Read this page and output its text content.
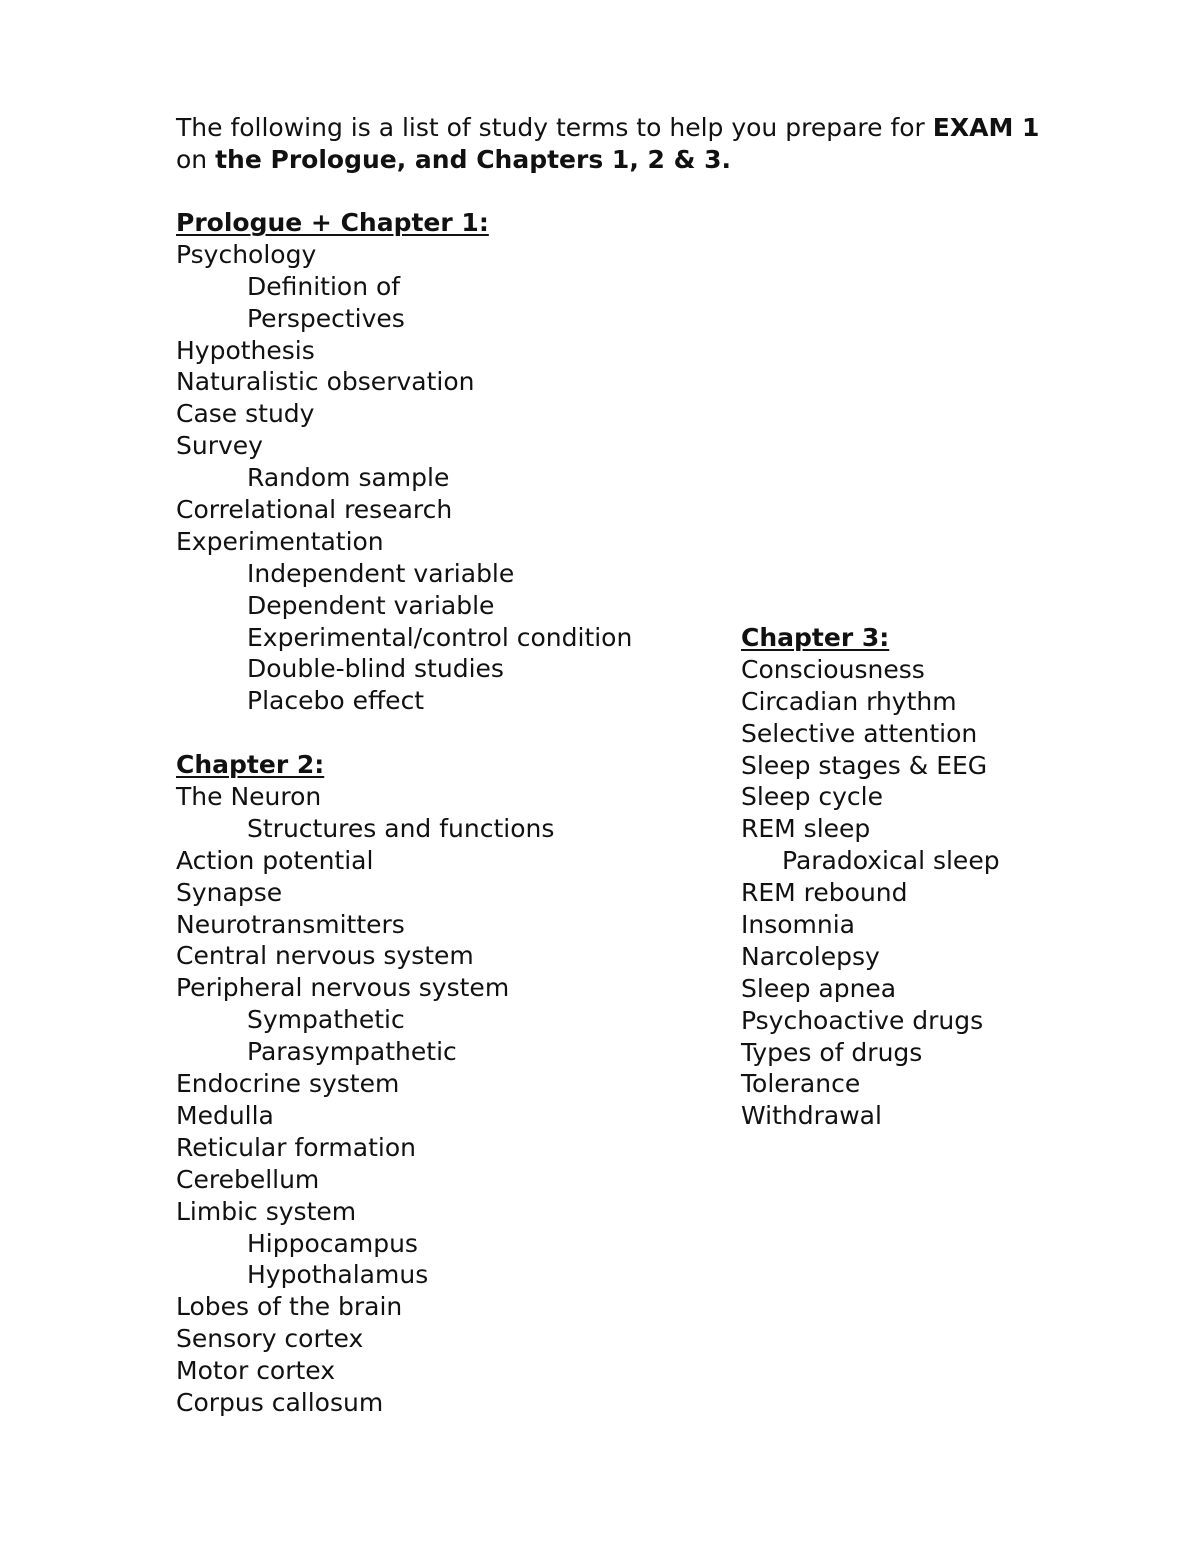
The following is a list of study terms to help you prepare for EXAM 1
on the Prologue, and Chapters 1, 2 & 3.

Prologue + Chapter 1:
Psychology
Definition of
Perspectives
Hypothesis
Naturalistic observation
Case study
Survey
Random sample
Correlational research
Experimentation
Independent variable
Dependent variable
Experimental/control condition
Double-blind studies
Placebo effect
Chapter 2:
The Neuron
Structures and functions
Action potential
Synapse
Neurotransmitters
Central nervous system
Peripheral nervous system
Sympathetic
Parasympathetic
Endocrine system
Medulla
Reticular formation
Cerebellum
Limbic system
Hippocampus
Hypothalamus
Lobes of the brain
Sensory cortex
Motor cortex
Corpus callosum
Chapter 3:
Consciousness
Circadian rhythm
Selective attention
Sleep stages & EEG
Sleep cycle
REM sleep
Paradoxical sleep
REM rebound
Insomnia
Narcolepsy
Sleep apnea
Psychoactive drugs
Types of drugs
Tolerance
Withdrawal
